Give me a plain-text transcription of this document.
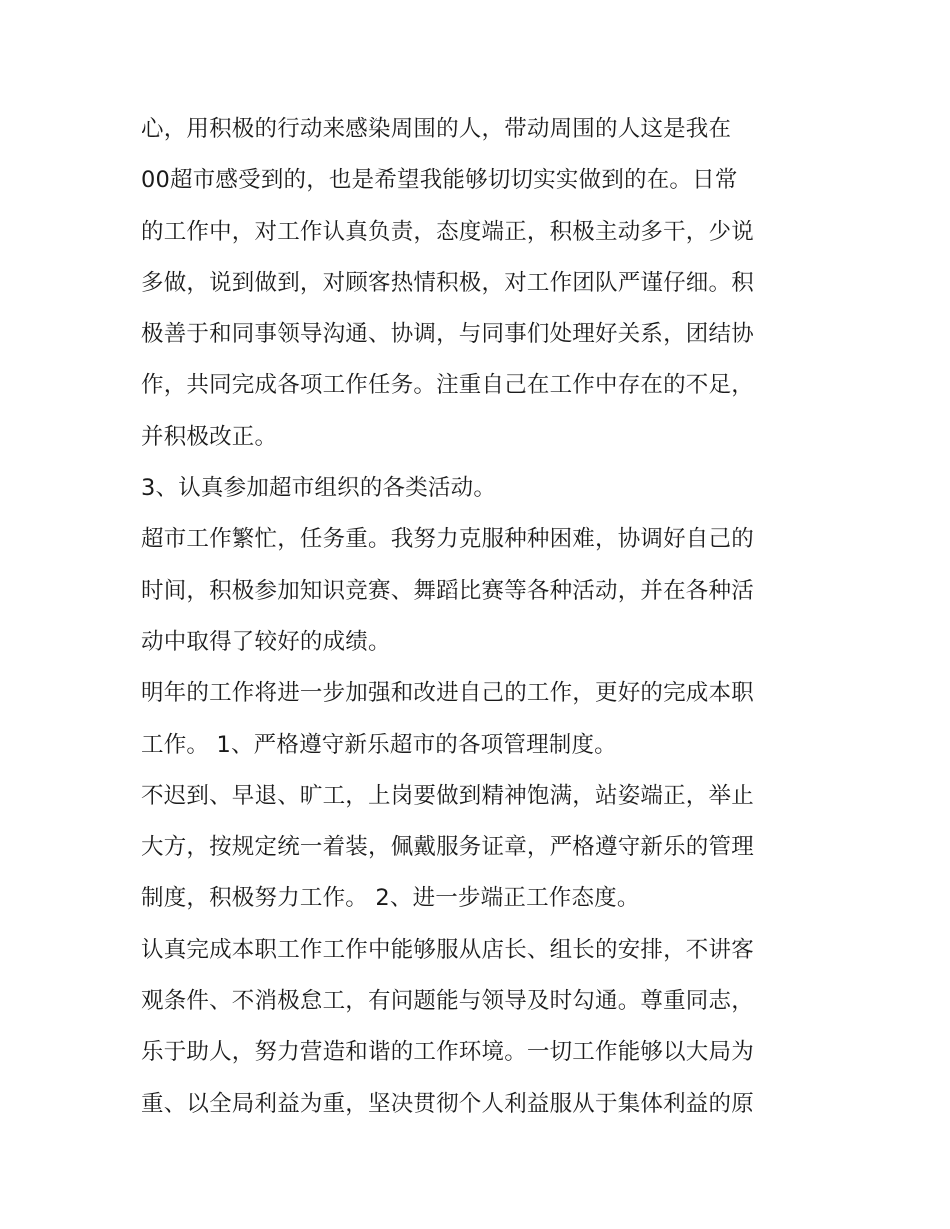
心，用积极的行动来感染周围的人，带动周围的人这是我在
00超市感受到的，也是希望我能够切切实实做到的在。日常
的工作中，对工作认真负责，态度端正，积极主动多干，少说
多做，说到做到，对顾客热情积极，对工作团队严谨仔细。积
极善于和同事领导沟通、协调，与同事们处理好关系，团结协
作，共同完成各项工作任务。注重自己在工作中存在的不足，
并积极改正。
3、认真参加超市组织的各类活动。
超市工作繁忙，任务重。我努力克服种种困难，协调好自己的
时间，积极参加知识竞赛、舞蹈比赛等各种活动，并在各种活
动中取得了较好的成绩。
明年的工作将进一步加强和改进自己的工作，更好的完成本职
工作。 1、严格遵守新乐超市的各项管理制度。
不迟到、早退、旷工，上岗要做到精神饱满，站姿端正，举止
大方，按规定统一着装，佩戴服务证章，严格遵守新乐的管理
制度，积极努力工作。 2、进一步端正工作态度。
认真完成本职工作工作中能够服从店长、组长的安排，不讲客
观条件、不消极怠工，有问题能与领导及时勾通。尊重同志，
乐于助人，努力营造和谐的工作环境。一切工作能够以大局为
重、以全局利益为重，坚决贯彻个人利益服从于集体利益的原
